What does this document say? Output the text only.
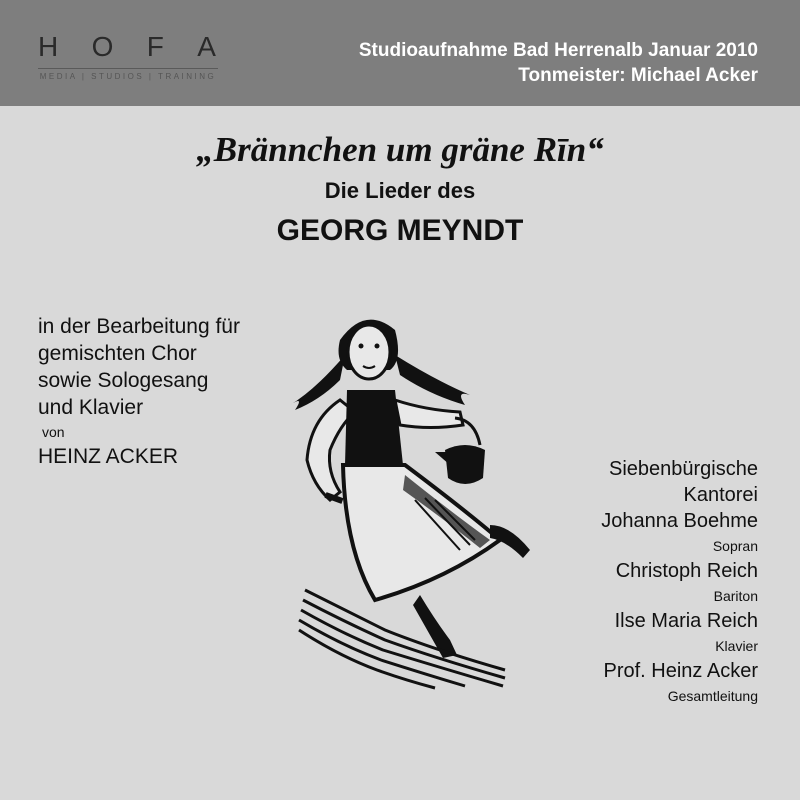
H O F A
MEDIA | STUDIOS | TRAINING
Studioaufnahme Bad Herrenalb Januar 2010
Tonmeister: Michael Acker
„Brännchen um gräne Rīn“
Die Lieder des
GEORG MEYNDT
in der Bearbeitung für
gemischten Chor
sowie Sologesang
und Klavier
von
HEINZ ACKER
Siebenbürgische
Kantorei
Johanna Boehme
Sopran
Christoph Reich
Bariton
Ilse Maria Reich
Klavier
Prof. Heinz Acker
Gesamtleitung
